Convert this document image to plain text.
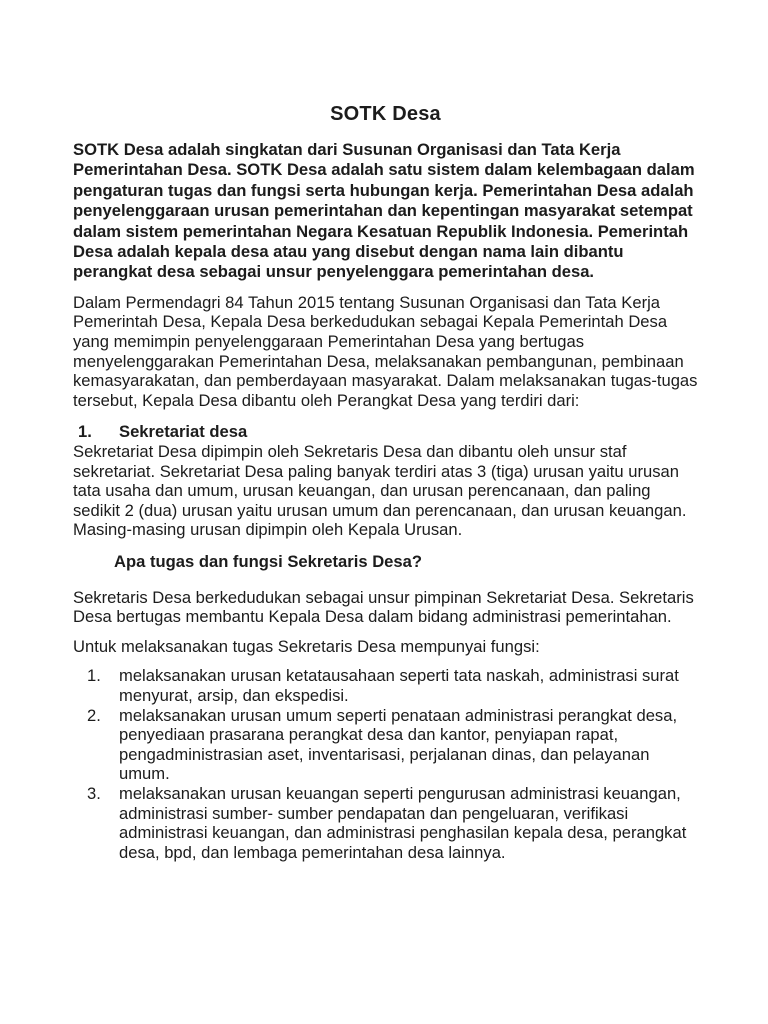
SOTK Desa

SOTK Desa adalah singkatan dari Susunan Organisasi dan Tata Kerja Pemerintahan Desa. SOTK Desa adalah satu sistem dalam kelembagaan dalam pengaturan tugas dan fungsi serta hubungan kerja. Pemerintahan Desa adalah penyelenggaraan urusan pemerintahan dan kepentingan masyarakat setempat dalam sistem pemerintahan Negara Kesatuan Republik Indonesia. Pemerintah Desa adalah kepala desa atau yang disebut dengan nama lain dibantu perangkat desa sebagai unsur penyelenggara pemerintahan desa.

Dalam Permendagri 84 Tahun 2015 tentang Susunan Organisasi dan Tata Kerja Pemerintah Desa, Kepala Desa berkedudukan sebagai Kepala Pemerintah Desa yang memimpin penyelenggaraan Pemerintahan Desa yang bertugas menyelenggarakan Pemerintahan Desa, melaksanakan pembangunan, pembinaan kemasyarakatan, dan pemberdayaan masyarakat. Dalam melaksanakan tugas-tugas tersebut, Kepala Desa dibantu oleh Perangkat Desa yang terdiri dari:

1.	Sekretariat desa

Sekretariat Desa dipimpin oleh Sekretaris Desa dan dibantu oleh unsur staf sekretariat. Sekretariat Desa paling banyak terdiri atas 3 (tiga) urusan yaitu urusan tata usaha dan umum, urusan keuangan, dan urusan perencanaan, dan paling sedikit 2 (dua) urusan yaitu urusan umum dan perencanaan, dan urusan keuangan. Masing-masing urusan dipimpin oleh Kepala Urusan.

Apa tugas dan fungsi Sekretaris Desa?

Sekretaris Desa berkedudukan sebagai unsur pimpinan Sekretariat Desa. Sekretaris Desa bertugas membantu Kepala Desa dalam bidang administrasi pemerintahan.

Untuk melaksanakan tugas Sekretaris Desa mempunyai fungsi:

1.	melaksanakan urusan ketatausahaan seperti tata naskah, administrasi surat menyurat, arsip, dan ekspedisi.
2.	melaksanakan urusan umum seperti penataan administrasi perangkat desa, penyediaan prasarana perangkat desa dan kantor, penyiapan rapat, pengadministrasian aset, inventarisasi, perjalanan dinas, dan pelayanan umum.
3.	melaksanakan urusan keuangan seperti pengurusan administrasi keuangan, administrasi sumber- sumber pendapatan dan pengeluaran, verifikasi administrasi keuangan, dan administrasi penghasilan kepala desa, perangkat desa, bpd, dan lembaga pemerintahan desa lainnya.
